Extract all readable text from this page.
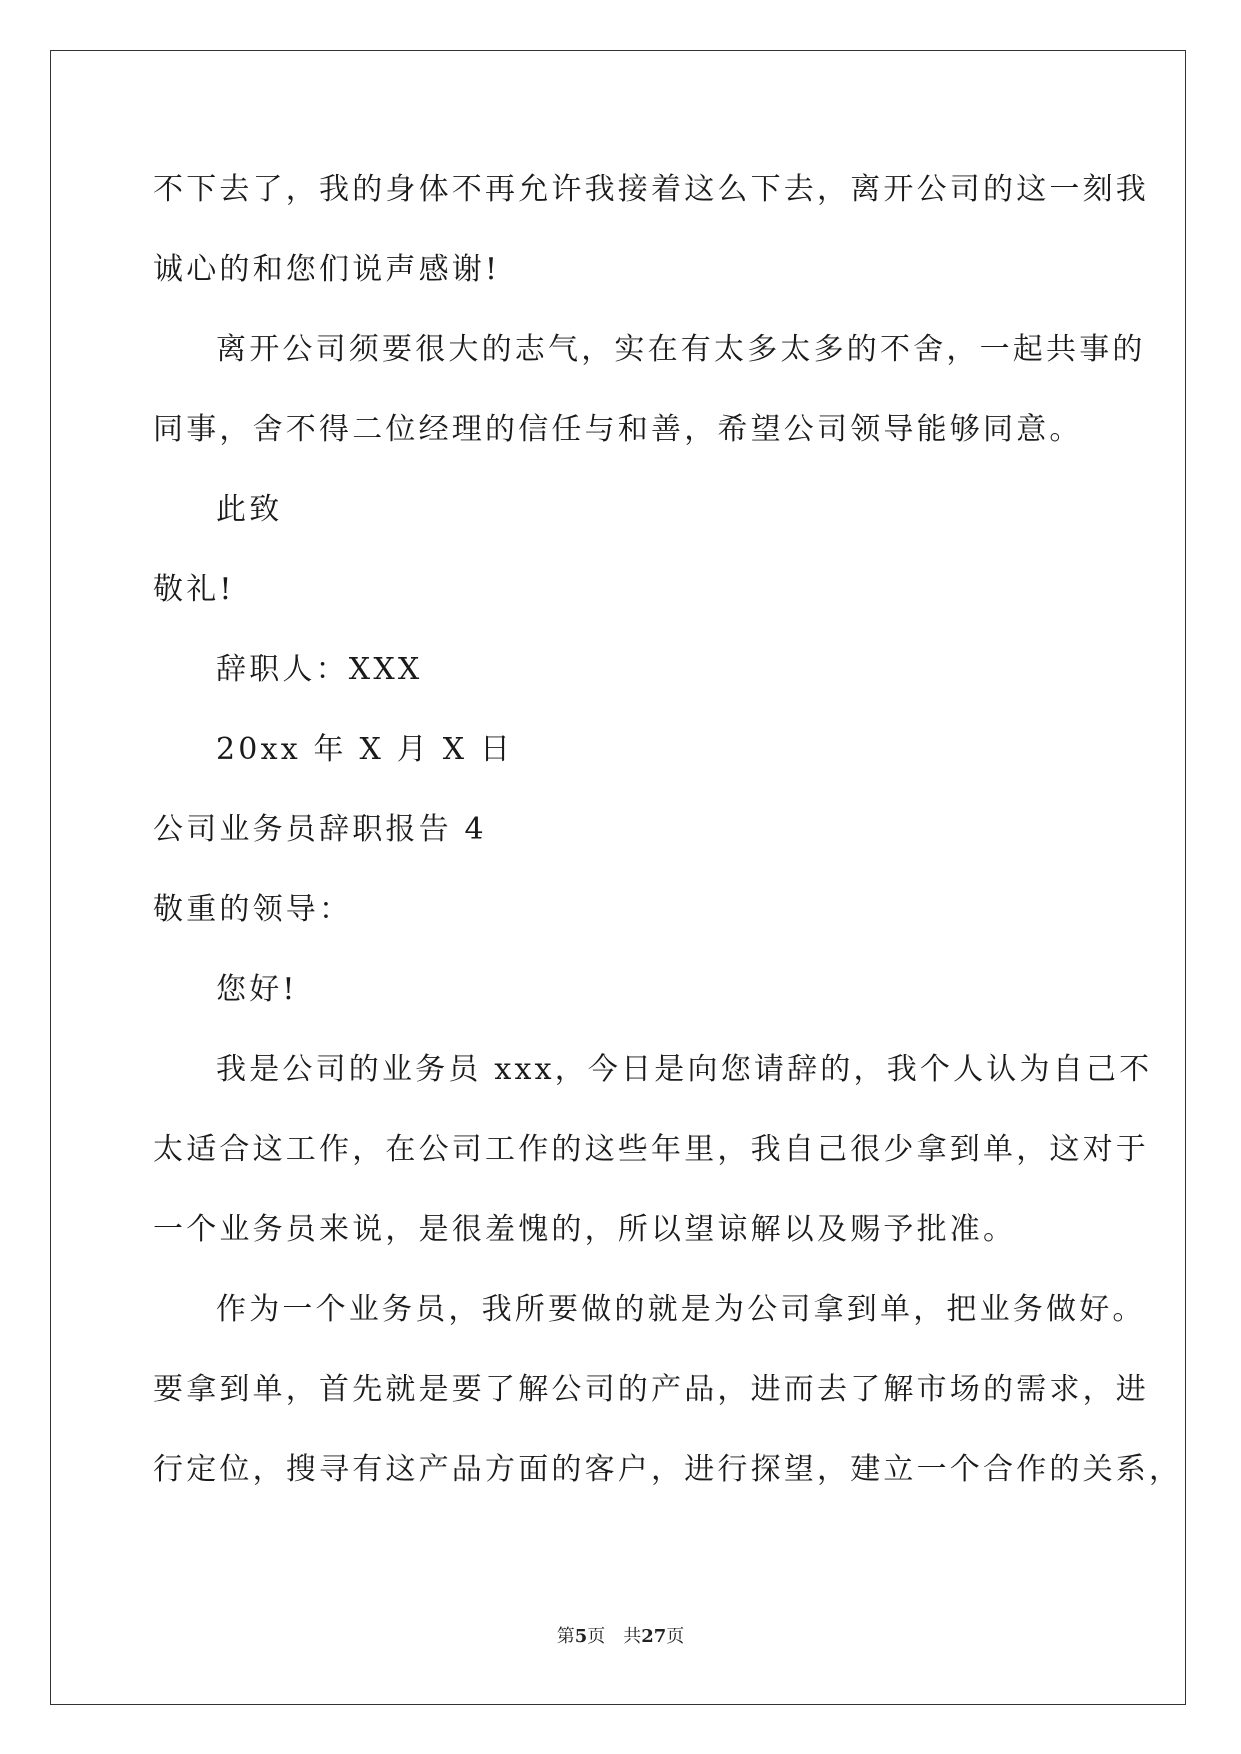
不下去了，我的身体不再允许我接着这么下去，离开公司的这一刻我
诚心的和您们说声感谢!
离开公司须要很大的志气，实在有太多太多的不舍，一起共事的
同事，舍不得二位经理的信任与和善，希望公司领导能够同意。
此致
敬礼!
辞职人：XXX
20xx 年 X 月 X 日
公司业务员辞职报告 4
敬重的领导：
您好!
我是公司的业务员 xxx，今日是向您请辞的，我个人认为自己不
太适合这工作，在公司工作的这些年里，我自己很少拿到单，这对于
一个业务员来说，是很羞愧的，所以望谅解以及赐予批准。
作为一个业务员，我所要做的就是为公司拿到单，把业务做好。
要拿到单，首先就是要了解公司的产品，进而去了解市场的需求，进
行定位，搜寻有这产品方面的客户，进行探望，建立一个合作的关系，
第5页 共27页
